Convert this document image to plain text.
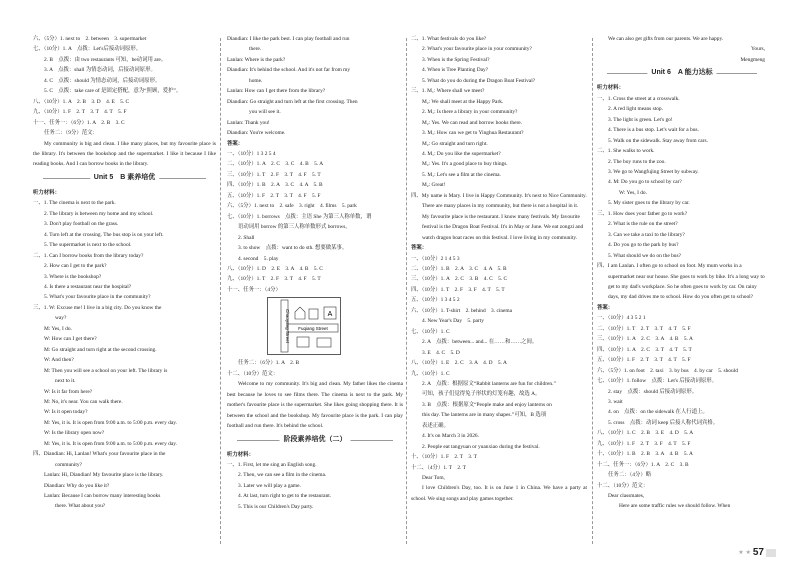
六、（5分）1. next to　2. between　3. supermarket
七、（10分）1. A　点拨：Let's后接动词原形。
2. B　点拨：由 two restaurants 可知，be动词用 are。
3. A　点拨：shall 为情态动词，后接动词原形。
4. C　点拨：should 为情态动词，后接动词原形。
5. C　点拨：take care of 是固定搭配，意为“照顾，爱护”。
八、（10分）1. A　2. B　3. D　4. E　5. C
九、（10分）1. F　2. T　3. T　4. T　5. F
十一、任务一：（6分）1. A　2. B　3. C
任务二：（9分）范文：
My community is big and clean. I like many places, but my favourite place is the library. It's between the bookshop and the supermarket. I like it because I like reading books. And I can borrow books in the library.
Unit 5　B 素养培优
听力材料：
一、1. The cinema is next to the park.
2. The library is between my home and my school.
3. Don't play football on the grass.
4. Turn left at the crossing. The bus stop is on your left.
5. The supermarket is next to the school.
二、1. Can I borrow books from the library today?
2. How can I get to the park?
3. Where is the bookshop?
4. Is there a restaurant near the hospital?
5. What's your favourite place in the community?
三、1. W: Excuse me! I live in a big city. Do you know the
way?
M: Yes, I do.
W: How can I get there?
M: Go straight and turn right at the second crossing.
W: And then?
M: Then you will see a school on your left. The library is
next to it.
W: Is it far from here?
M: No, it's near. You can walk there.
W: Is it open today?
M: Yes, it is. It is open from 9:00 a.m. to 5:00 p.m. every day.
W: Is the library open now?
M: Yes, it is. It is open from 9:00 a.m. to 5:00 p.m. every day.
四、Diandian: Hi, Lanlan! What's your favourite place in the
community?
Lanlan: Hi, Diandian! My favourite place is the library.
Diandian: Why do you like it?
Lanlan: Because I can borrow many interesting books
there. What about you?
Diandian: I like the park best. I can play football and run
there.
Lanlan: Where is the park?
Diandian: It's behind the school. And it's not far from my
home.
Lanlan: How can I get there from the library?
Diandian: Go straight and turn left at the first crossing. Then
you will see it.
Lanlan: Thank you!
Diandian: You're welcome.
答案：
一、（10分）1 3 2 5 4
二、（10分）1. A　2. C　3. C　4. B　5. A
三、（10分）1. T　2. F　3. T　4. F　5. T
四、（10分）1. B　2. A　3. C　4. A　5. B
五、（10分）1. F　2. T　3. T　4. F　5. F
六、（5分）1. next to　2. safe　3. right　4. films　5. park
七、（10分）1. borrows　点拨：主语 She 为第三人称单数，谓
语动词用 borrow 的第三人称单数形式 borrows。
2. Shall
3. to show　点拨：want to do sth. 想要做某事。
4. second　5. play
八、（10分）1. D　2. E　3. A　4. B　5. C
九、（10分）1. T　2. F　3. T　4. F　5. T
十一、任务一：（4分）
A
Fuqiang Street
Chaoyang Street
任务二：（6分）1. A　2. B
十二、（10分）范文：
Welcome to my community. It's big and clean. My father likes the cinema best because he loves to see films there. The cinema is next to the park. My mother's favourite place is the supermarket. She likes going shopping there. It is between the school and the bookshop. My favourite place is the park. I can play football and run there. It's behind the school.
阶段素养培优（二）
听力材料：
一、1. First, let me sing an English song.
2. Then, we can see a film in the cinema.
3. Later we will play a game.
4. At last, turn right to get to the restaurant.
5. This is our Children's Day party.
二、1. What festivals do you like?
2. What's your favourite place in your community?
3. When is the Spring Festival?
4. When is Tree Planting Day?
5. What do you do during the Dragon Boat Festival?
三、1. M₁: Where shall we meet?
M₂: We shall meet at the Happy Park.
2. M₁: Is there a library in your community?
M₂: Yes. We can read and borrow books there.
3. M₁: How can we get to Yinghua Restaurant?
M₂: Go straight and turn right.
4. M₁: Do you like the supermarket?
M₂: Yes. It's a good place to buy things.
5. M₁: Let's see a film at the cinema.
M₂: Great!
四、My name is Mary. I live in Happy Community. It's next to Nice Community. There are many places in my community, but there is not a hospital in it. My favourite place is the restaurant. I know many festivals. My favourite festival is the Dragon Boat Festival. It's in May or June. We eat zongzi and watch dragon boat races on this festival. I love living in my community.
答案：
一、（10分）2 1 4 5 3
二、（10分）1. B　2. A　3. C　4. A　5. B
三、（10分）1. A　2. C　3. B　4. C　5. C
四、（10分）1. T　2. F　3. F　4. T　5. T
五、（10分）1 3 4 5 2
六、（10分）1. T-shirt　2. behind　3. cinema
4. New Year's Day　5. party
七、（10分）1. C
2. A　点拨：between... and... 在……和……之间。
3. E　4. C　5. D
八、（10分）1. E　2. C　3. A　4. D　5. A
九、（10分）1. C
2. A　点拨：根据原文“Rabbit lanterns are fun for children.”
可知，孩子们觉得兔子形状的灯笼有趣，故选 A。
3. B　点拨：根据原文“People make and enjoy lanterns on
this day. The lanterns are in many shapes.”可知，B 选项
表述正确。
4. It's on March 3 in 2026.
2. People eat tangyuan or yuanxiao during the festival.
十、（10分）1. F　2. T　3. T
十二、（4分）1. T　2. T
Dear Tom,
I love Children's Day, too. It is on June 1 in China. We have a party at school. We sing songs and play games together.
We can also get gifts from our parents. We are happy.
Yours,
Mengmeng
Unit 6　A 能力达标
听力材料：
一、1. Cross the street at a crosswalk.
2. A red light means stop.
3. The light is green. Let's go!
4. There is a bus stop. Let's wait for a bus.
5. Walk on the sidewalk. Stay away from cars.
二、1. She walks to work.
2. The boy runs to the zoo.
3. We go to Wangfujing Street by subway.
4. M: Do you go to school by car?
W: Yes, I do.
5. My sister goes to the library by car.
三、1. How does your father go to work?
2. What is the rule on the street?
3. Can we take a taxi to the library?
4. Do you go to the park by bus?
5. What should we do on the bus?
四、I am Lanlan. I often go to school on foot. My mum works in a supermarket near our house. She goes to work by bike. It's a long way to get to my dad's workplace. So he often goes to work by car. On rainy days, my dad drives me to school. How do you often get to school?
答案：
一、（10分）4 3 5 2 1
二、（10分）1. T　2. T　3. T　4. T　5. F
三、（10分）1. A　2. C　3. A　4. B　5. A
四、（10分）1. A　2. C　3. T　4. T　5. T
五、（10分）1. F　2. T　3. T　4. T　5. F
六、（5分）1. on foot　2. taxi　3. by bus　4. by car　5. should
七、（10分）1. follow　点拨：Let's 后接动词原形。
2. stay　点拨：should 后接动词原形。
3. wait
4. on　点拨：on the sidewalk 在人行道上。
5. cross　点拨：动词 keep 后接人称代词宾格。
八、（10分）1. C　2. B　3. E　4. D　5. A
九、（10分）1. F　2. T　3. F　4. T　5. F
十、（10分）1. B　2. B　3. A　4. B　5. A
十二、任务一：（6分）1. A　2. C　3. B
任务二：（4分）略
十二、（10分）范文：
Dear classmates,
Here are some traffic rules we should follow. When
★ ★ 57
